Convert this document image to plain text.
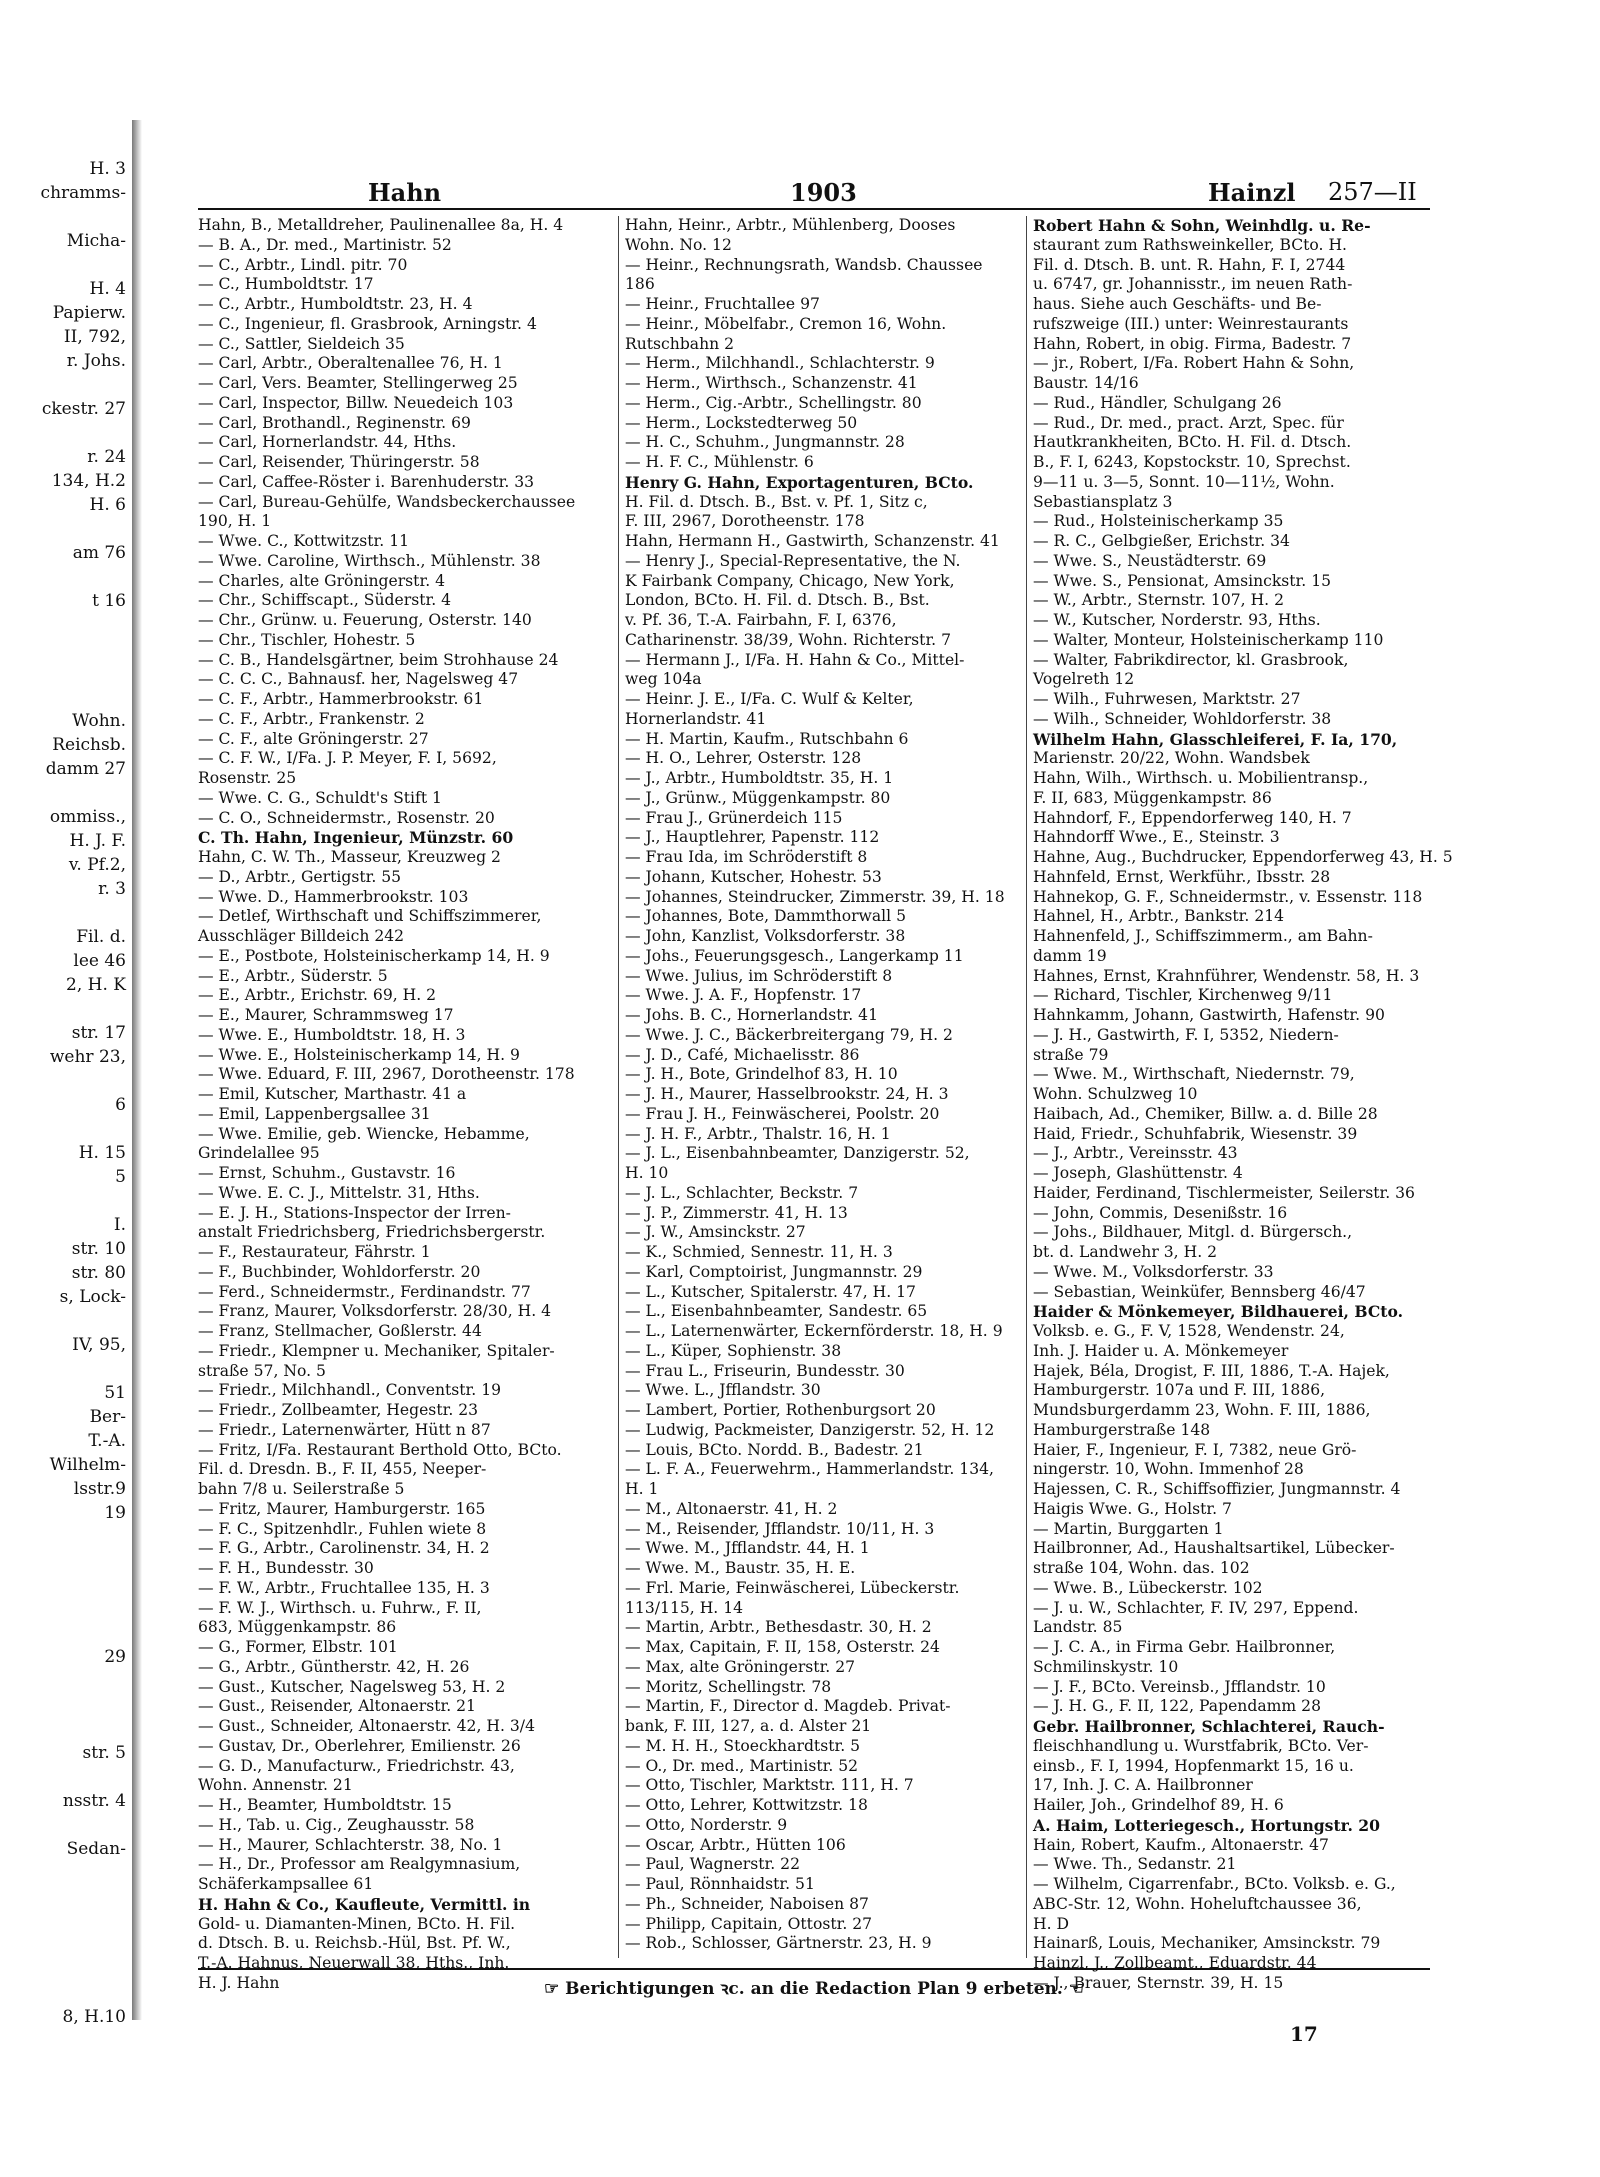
H. 3
chramms-
Micha-
H. 4
Papierw.
II, 792,
r. Johs.
ckestr. 27
r. 24
134, H.2
H. 6
am 76
t 16
Wohn.
Reichsb.
damm 27
ommiss.,
H. J. F.
v. Pf.2,
r. 3
Fil. d.
lee 46
2, H. K
str. 17
wehr 23,
6
H. 15
5
I.
str. 10
str. 80
s, Lock-
IV, 95,
51
Ber-
T.-A.
Wilhelm-
lsstr.9
19
29
str. 5
nsstr. 4
Sedan-
8, H.10
Hahn	1903	Hainzl 257—II
Hahn, B., Metalldreher, Paulinenallee 8a, H. 4
— B. A., Dr. med., Martinistr. 52
— C., Arbtr., Lindl. pitr. 70
— C., Humboldtstr. 17
— C., Arbtr., Humboldtstr. 23, H. 4
— C., Ingenieur, fl. Grasbrook, Arningstr. 4
— C., Sattler, Sieldeich 35
— Carl, Arbtr., Oberaltenallee 76, H. 1
— Carl, Vers. Beamter, Stellingerweg 25
— Carl, Inspector, Billw. Neuedeich 103
— Carl, Brothandl., Reginenstr. 69
— Carl, Hornerlandstr. 44, Hths.
— Carl, Reisender, Thüringerstr. 58
— Carl, Caffee-Röster i. Barenhuderstr. 33
— Carl, Bureau-Gehülfe, Wandsbeckerchaussee
190, H. 1
— Wwe. C., Kottwitzstr. 11
— Wwe. Caroline, Wirthsch., Mühlenstr. 38
— Charles, alte Gröningerstr. 4
— Chr., Schiffscapt., Süderstr. 4
— Chr., Grünw. u. Feuerung, Osterstr. 140
— Chr., Tischler, Hohestr. 5
— C. B., Handelsgärtner, beim Strohhause 24
— C. C. C., Bahnausf. her, Nagelsweg 47
— C. F., Arbtr., Hammerbrookstr. 61
— C. F., Arbtr., Frankenstr. 2
— C. F., alte Gröningerstr. 27
— C. F. W., I/Fa. J. P. Meyer, F. I, 5692,
Rosenstr. 25
— Wwe. C. G., Schuldt's Stift 1
— C. O., Schneidermstr., Rosenstr. 20
C. Th. Hahn, Ingenieur, Münzstr. 60
Hahn, C. W. Th., Masseur, Kreuzweg 2
— D., Arbtr., Gertigstr. 55
— Wwe. D., Hammerbrookstr. 103
— Detlef, Wirthschaft und Schiffszimmerer,
Ausschläger Billdeich 242
— E., Postbote, Holsteinischerkamp 14, H. 9
— E., Arbtr., Süderstr. 5
— E., Arbtr., Erichstr. 69, H. 2
— E., Maurer, Schrammsweg 17
— Wwe. E., Humboldtstr. 18, H. 3
— Wwe. E., Holsteinischerkamp 14, H. 9
— Wwe. Eduard, F. III, 2967, Dorotheenstr. 178
— Emil, Kutscher, Marthastr. 41 a
— Emil, Lappenbergsallee 31
— Wwe. Emilie, geb. Wiencke, Hebamme,
Grindelallee 95
— Ernst, Schuhm., Gustavstr. 16
— Wwe. E. C. J., Mittelstr. 31, Hths.
— E. J. H., Stations-Inspector der Irren-
anstalt Friedrichsberg, Friedrichsbergerstr.
— F., Restaurateur, Fährstr. 1
— F., Buchbinder, Wohldorferstr. 20
— Ferd., Schneidermstr., Ferdinandstr. 77
— Franz, Maurer, Volksdorferstr. 28/30, H. 4
— Franz, Stellmacher, Goßlerstr. 44
— Friedr., Klempner u. Mechaniker, Spitaler-
straße 57, No. 5
— Friedr., Milchhandl., Conventstr. 19
— Friedr., Zollbeamter, Hegestr. 23
— Friedr., Laternenwärter, Hütt n 87
— Fritz, I/Fa. Restaurant Berthold Otto, BCto.
Fil. d. Dresdn. B., F. II, 455, Neeper-
bahn 7/8 u. Seilerstraße 5
— Fritz, Maurer, Hamburgerstr. 165
— F. C., Spitzenhdlr., Fuhlen wiete 8
— F. G., Arbtr., Carolinenstr. 34, H. 2
— F. H., Bundesstr. 30
— F. W., Arbtr., Fruchtallee 135, H. 3
— F. W. J., Wirthsch. u. Fuhrw., F. II,
683, Müggenkampstr. 86
— G., Former, Elbstr. 101
— G., Arbtr., Güntherstr. 42, H. 26
— Gust., Kutscher, Nagelsweg 53, H. 2
— Gust., Reisender, Altonaerstr. 21
— Gust., Schneider, Altonaerstr. 42, H. 3/4
— Gustav, Dr., Oberlehrer, Emilienstr. 26
— G. D., Manufacturw., Friedrichstr. 43,
Wohn. Annenstr. 21
— H., Beamter, Humboldtstr. 15
— H., Tab. u. Cig., Zeughausstr. 58
— H., Maurer, Schlachterstr. 38, No. 1
— H., Dr., Professor am Realgymnasium,
Schäferkampsallee 61
H. Hahn & Co., Kaufleute, Vermittl. in
Gold- u. Diamanten-Minen, BCto. H. Fil.
d. Dtsch. B. u. Reichsb.-Hül, Bst. Pf. W.,
T.-A. Hahnus, Neuerwall 38, Hths., Inh.
H. J. Hahn
Hahn, Heinr., Arbtr., Mühlenberg, Dooses
Wohn. No. 12
— Heinr., Rechnungsrath, Wandsb. Chaussee
186
— Heinr., Fruchtallee 97
— Heinr., Möbelfabr., Cremon 16, Wohn.
Rutschbahn 2
— Herm., Milchhandl., Schlachterstr. 9
— Herm., Wirthsch., Schanzenstr. 41
— Herm., Cig.-Arbtr., Schellingstr. 80
— Herm., Lockstedterweg 50
— H. C., Schuhm., Jungmannstr. 28
— H. F. C., Mühlenstr. 6
Henry G. Hahn, Exportagenturen, BCto.
H. Fil. d. Dtsch. B., Bst. v. Pf. 1, Sitz c,
F. III, 2967, Dorotheenstr. 178
Hahn, Hermann H., Gastwirth, Schanzenstr. 41
— Henry J., Special-Representative, the N.
K Fairbank Company, Chicago, New York,
London, BCto. H. Fil. d. Dtsch. B., Bst.
v. Pf. 36, T.-A. Fairbahn, F. I, 6376,
Catharinenstr. 38/39, Wohn. Richterstr. 7
— Hermann J., I/Fa. H. Hahn & Co., Mittel-
weg 104a
— Heinr. J. E., I/Fa. C. Wulf & Kelter,
Hornerlandstr. 41
— H. Martin, Kaufm., Rutschbahn 6
— H. O., Lehrer, Osterstr. 128
— J., Arbtr., Humboldtstr. 35, H. 1
— J., Grünw., Müggenkampstr. 80
— Frau J., Grünerdeich 115
— J., Hauptlehrer, Papenstr. 112
— Frau Ida, im Schröderstift 8
— Johann, Kutscher, Hohestr. 53
— Johannes, Steindrucker, Zimmerstr. 39, H. 18
— Johannes, Bote, Dammthorwall 5
— John, Kanzlist, Volksdorferstr. 38
— Johs., Feuerungsgesch., Langerkamp 11
— Wwe. Julius, im Schröderstift 8
— Wwe. J. A. F., Hopfenstr. 17
— Johs. B. C., Hornerlandstr. 41
— Wwe. J. C., Bäckerbreitergang 79, H. 2
— J. D., Café, Michaelisstr. 86
— J. H., Bote, Grindelhof 83, H. 10
— J. H., Maurer, Hasselbrookstr. 24, H. 3
— Frau J. H., Feinwäscherei, Poolstr. 20
— J. H. F., Arbtr., Thalstr. 16, H. 1
— J. L., Eisenbahnbeamter, Danzigerstr. 52,
H. 10
— J. L., Schlachter, Beckstr. 7
— J. P., Zimmerstr. 41, H. 13
— J. W., Amsinckstr. 27
— K., Schmied, Sennestr. 11, H. 3
— Karl, Comptoirist, Jungmannstr. 29
— L., Kutscher, Spitalerstr. 47, H. 17
— L., Eisenbahnbeamter, Sandestr. 65
— L., Laternenwärter, Eckernförderstr. 18, H. 9
— L., Küper, Sophienstr. 38
— Frau L., Friseurin, Bundesstr. 30
— Wwe. L., Jfflandstr. 30
— Lambert, Portier, Rothenburgsort 20
— Ludwig, Packmeister, Danzigerstr. 52, H. 12
— Louis, BCto. Nordd. B., Badestr. 21
— L. F. A., Feuerwehrm., Hammerlandstr. 134,
H. 1
— M., Altonaerstr. 41, H. 2
— M., Reisender, Jfflandstr. 10/11, H. 3
— Wwe. M., Jfflandstr. 44, H. 1
— Wwe. M., Baustr. 35, H. E.
— Frl. Marie, Feinwäscherei, Lübeckerstr.
113/115, H. 14
— Martin, Arbtr., Bethesdastr. 30, H. 2
— Max, Capitain, F. II, 158, Osterstr. 24
— Max, alte Gröningerstr. 27
— Moritz, Schellingstr. 78
— Martin, F., Director d. Magdeb. Privat-
bank, F. III, 127, a. d. Alster 21
— M. H. H., Stoeckhardtstr. 5
— O., Dr. med., Martinistr. 52
— Otto, Tischler, Marktstr. 111, H. 7
— Otto, Lehrer, Kottwitzstr. 18
— Otto, Norderstr. 9
— Oscar, Arbtr., Hütten 106
— Paul, Wagnerstr. 22
— Paul, Rönnhaidstr. 51
— Ph., Schneider, Naboisen 87
— Philipp, Capitain, Ottostr. 27
— Rob., Schlosser, Gärtnerstr. 23, H. 9
Robert Hahn & Sohn, Weinhdlg. u. Re-
staurant zum Rathsweinkeller, BCto. H.
Fil. d. Dtsch. B. unt. R. Hahn, F. I, 2744
u. 6747, gr. Johannisstr., im neuen Rath-
haus. Siehe auch Geschäfts- und Be-
rufszweige (III.) unter: Weinrestaurants
Hahn, Robert, in obig. Firma, Badestr. 7
— jr., Robert, I/Fa. Robert Hahn & Sohn,
Baustr. 14/16
— Rud., Händler, Schulgang 26
— Rud., Dr. med., pract. Arzt, Spec. für
Hautkrankheiten, BCto. H. Fil. d. Dtsch.
B., F. I, 6243, Kopstockstr. 10, Sprechst.
9—11 u. 3—5, Sonnt. 10—11½, Wohn.
Sebastiansplatz 3
— Rud., Holsteinischerkamp 35
— R. C., Gelbgießer, Erichstr. 34
— Wwe. S., Neustädterstr. 69
— Wwe. S., Pensionat, Amsinckstr. 15
— W., Arbtr., Sternstr. 107, H. 2
— W., Kutscher, Norderstr. 93, Hths.
— Walter, Monteur, Holsteinischerkamp 110
— Walter, Fabrikdirector, kl. Grasbrook,
Vogelreth 12
— Wilh., Fuhrwesen, Marktstr. 27
— Wilh., Schneider, Wohldorferstr. 38
Wilhelm Hahn, Glasschleiferei, F. Ia, 170,
Marienstr. 20/22, Wohn. Wandsbek
Hahn, Wilh., Wirthsch. u. Mobilientransp.,
F. II, 683, Müggenkampstr. 86
Hahndorf, F., Eppendorferweg 140, H. 7
Hahndorff Wwe., E., Steinstr. 3
Hahne, Aug., Buchdrucker, Eppendorferweg 43, H. 5
Hahnfeld, Ernst, Werkführ., Ibsstr. 28
Hahnekop, G. F., Schneidermstr., v. Essenstr. 118
Hahnel, H., Arbtr., Bankstr. 214
Hahnenfeld, J., Schiffszimmerm., am Bahn-
damm 19
Hahnes, Ernst, Krahnführer, Wendenstr. 58, H. 3
— Richard, Tischler, Kirchenweg 9/11
Hahnkamm, Johann, Gastwirth, Hafenstr. 90
— J. H., Gastwirth, F. I, 5352, Niedern-
straße 79
— Wwe. M., Wirthschaft, Niedernstr. 79,
Wohn. Schulzweg 10
Haibach, Ad., Chemiker, Billw. a. d. Bille 28
Haid, Friedr., Schuhfabrik, Wiesenstr. 39
— J., Arbtr., Vereinsstr. 43
— Joseph, Glashüttenstr. 4
Haider, Ferdinand, Tischlermeister, Seilerstr. 36
— John, Commis, Desenißstr. 16
— Johs., Bildhauer, Mitgl. d. Bürgersch.,
bt. d. Landwehr 3, H. 2
— Wwe. M., Volksdorferstr. 33
— Sebastian, Weinküfer, Bennsberg 46/47
Haider & Mönkemeyer, Bildhauerei, BCto.
Volksb. e. G., F. V, 1528, Wendenstr. 24,
Inh. J. Haider u. A. Mönkemeyer
Hajek, Béla, Drogist, F. III, 1886, T.-A. Hajek,
Hamburgerstr. 107a und F. III, 1886,
Mundsburgerdamm 23, Wohn. F. III, 1886,
Hamburgerstraße 148
Haier, F., Ingenieur, F. I, 7382, neue Grö-
ningerstr. 10, Wohn. Immenhof 28
Hajessen, C. R., Schiffsoffizier, Jungmannstr. 4
Haigis Wwe. G., Holstr. 7
— Martin, Burggarten 1
Hailbronner, Ad., Haushaltsartikel, Lübecker-
straße 104, Wohn. das. 102
— Wwe. B., Lübeckerstr. 102
— J. u. W., Schlachter, F. IV, 297, Eppend.
Landstr. 85
— J. C. A., in Firma Gebr. Hailbronner,
Schmilinskystr. 10
— J. F., BCto. Vereinsb., Jfflandstr. 10
— J. H. G., F. II, 122, Papendamm 28
Gebr. Hailbronner, Schlachterei, Rauch-
fleischhandlung u. Wurstfabrik, BCto. Ver-
einsb., F. I, 1994, Hopfenmarkt 15, 16 u.
17, Inh. J. C. A. Hailbronner
Hailer, Joh., Grindelhof 89, H. 6
A. Haim, Lotteriegesch., Hortungstr. 20
Hain, Robert, Kaufm., Altonaerstr. 47
— Wwe. Th., Sedanstr. 21
— Wilhelm, Cigarrenfabr., BCto. Volksb. e. G.,
ABC-Str. 12, Wohn. Hoheluftchaussee 36,
H. D
Hainarß, Louis, Mechaniker, Amsinckstr. 79
Hainzl, J., Zollbeamt., Eduardstr. 44
— J., Brauer, Sternstr. 39, H. 15
☞ Berichtigungen ꝛc. an die Redaction Plan 9 erbeten. ☜
17
